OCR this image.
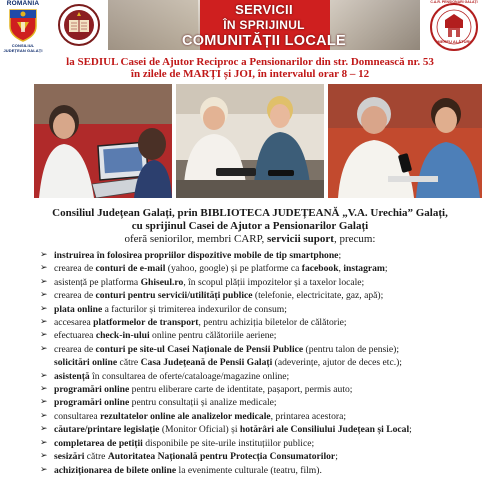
ROMÂNIA
CONSILIUL JUDEȚEAN GALAȚI
SERVICII
ÎN SPRIJINUL
COMUNITĂȚII LOCALE
C.A.R. PENSIONARI GALAȚI
MEREU ALĂTURI
la SEDIUL Casei de Ajutor Reciproc a Pensionarilor din str. Domnească nr. 53
în zilele de MARȚI și JOI, în intervalul orar 8 – 12
Consiliul Județean Galați, prin BIBLIOTECA JUDEȚEANĂ „V.A. Urechia” Galați,
cu sprijinul Casei de Ajutor a Pensionarilor Galați
oferă seniorilor, membri CARP, servicii suport, precum:
➢ instruirea în folosirea propriilor dispozitive mobile de tip smartphone;
➢ crearea de conturi de e-mail (yahoo, google) și pe platforme ca facebook, instagram;
➢ asistență pe platforma Ghiseul.ro, în scopul plății impozitelor și a taxelor locale;
➢ crearea de conturi pentru servicii/utilități publice (telefonie, electricitate, gaz, apă);
➢ plata online a facturilor și trimiterea indexurilor de consum;
➢ accesarea platformelor de transport, pentru achiziția biletelor de călătorie;
➢ efectuarea check-in-ului online pentru călătoriile aeriene;
➢ crearea de conturi pe site-ul Casei Naționale de Pensii Publice (pentru talon de pensie);
solicitări online către Casa Județeană de Pensii Galați (adeverințe, ajutor de deces etc.);
➢ asistență în consultarea de oferte/cataloage/magazine online;
➢ programări online pentru eliberare carte de identitate, pașaport, permis auto;
➢ programări online pentru consultații și analize medicale;
➢ consultarea rezultatelor online ale analizelor medicale, printarea acestora;
➢ căutare/printare legislație (Monitor Oficial) și hotărâri ale Consiliului Județean și Local;
➢ completarea de petiții disponibile pe site-urile instituțiilor publice;
➢ sesizări către Autoritatea Națională pentru Protecția Consumatorilor;
➢ achiziționarea de bilete online la evenimente culturale (teatru, film).
